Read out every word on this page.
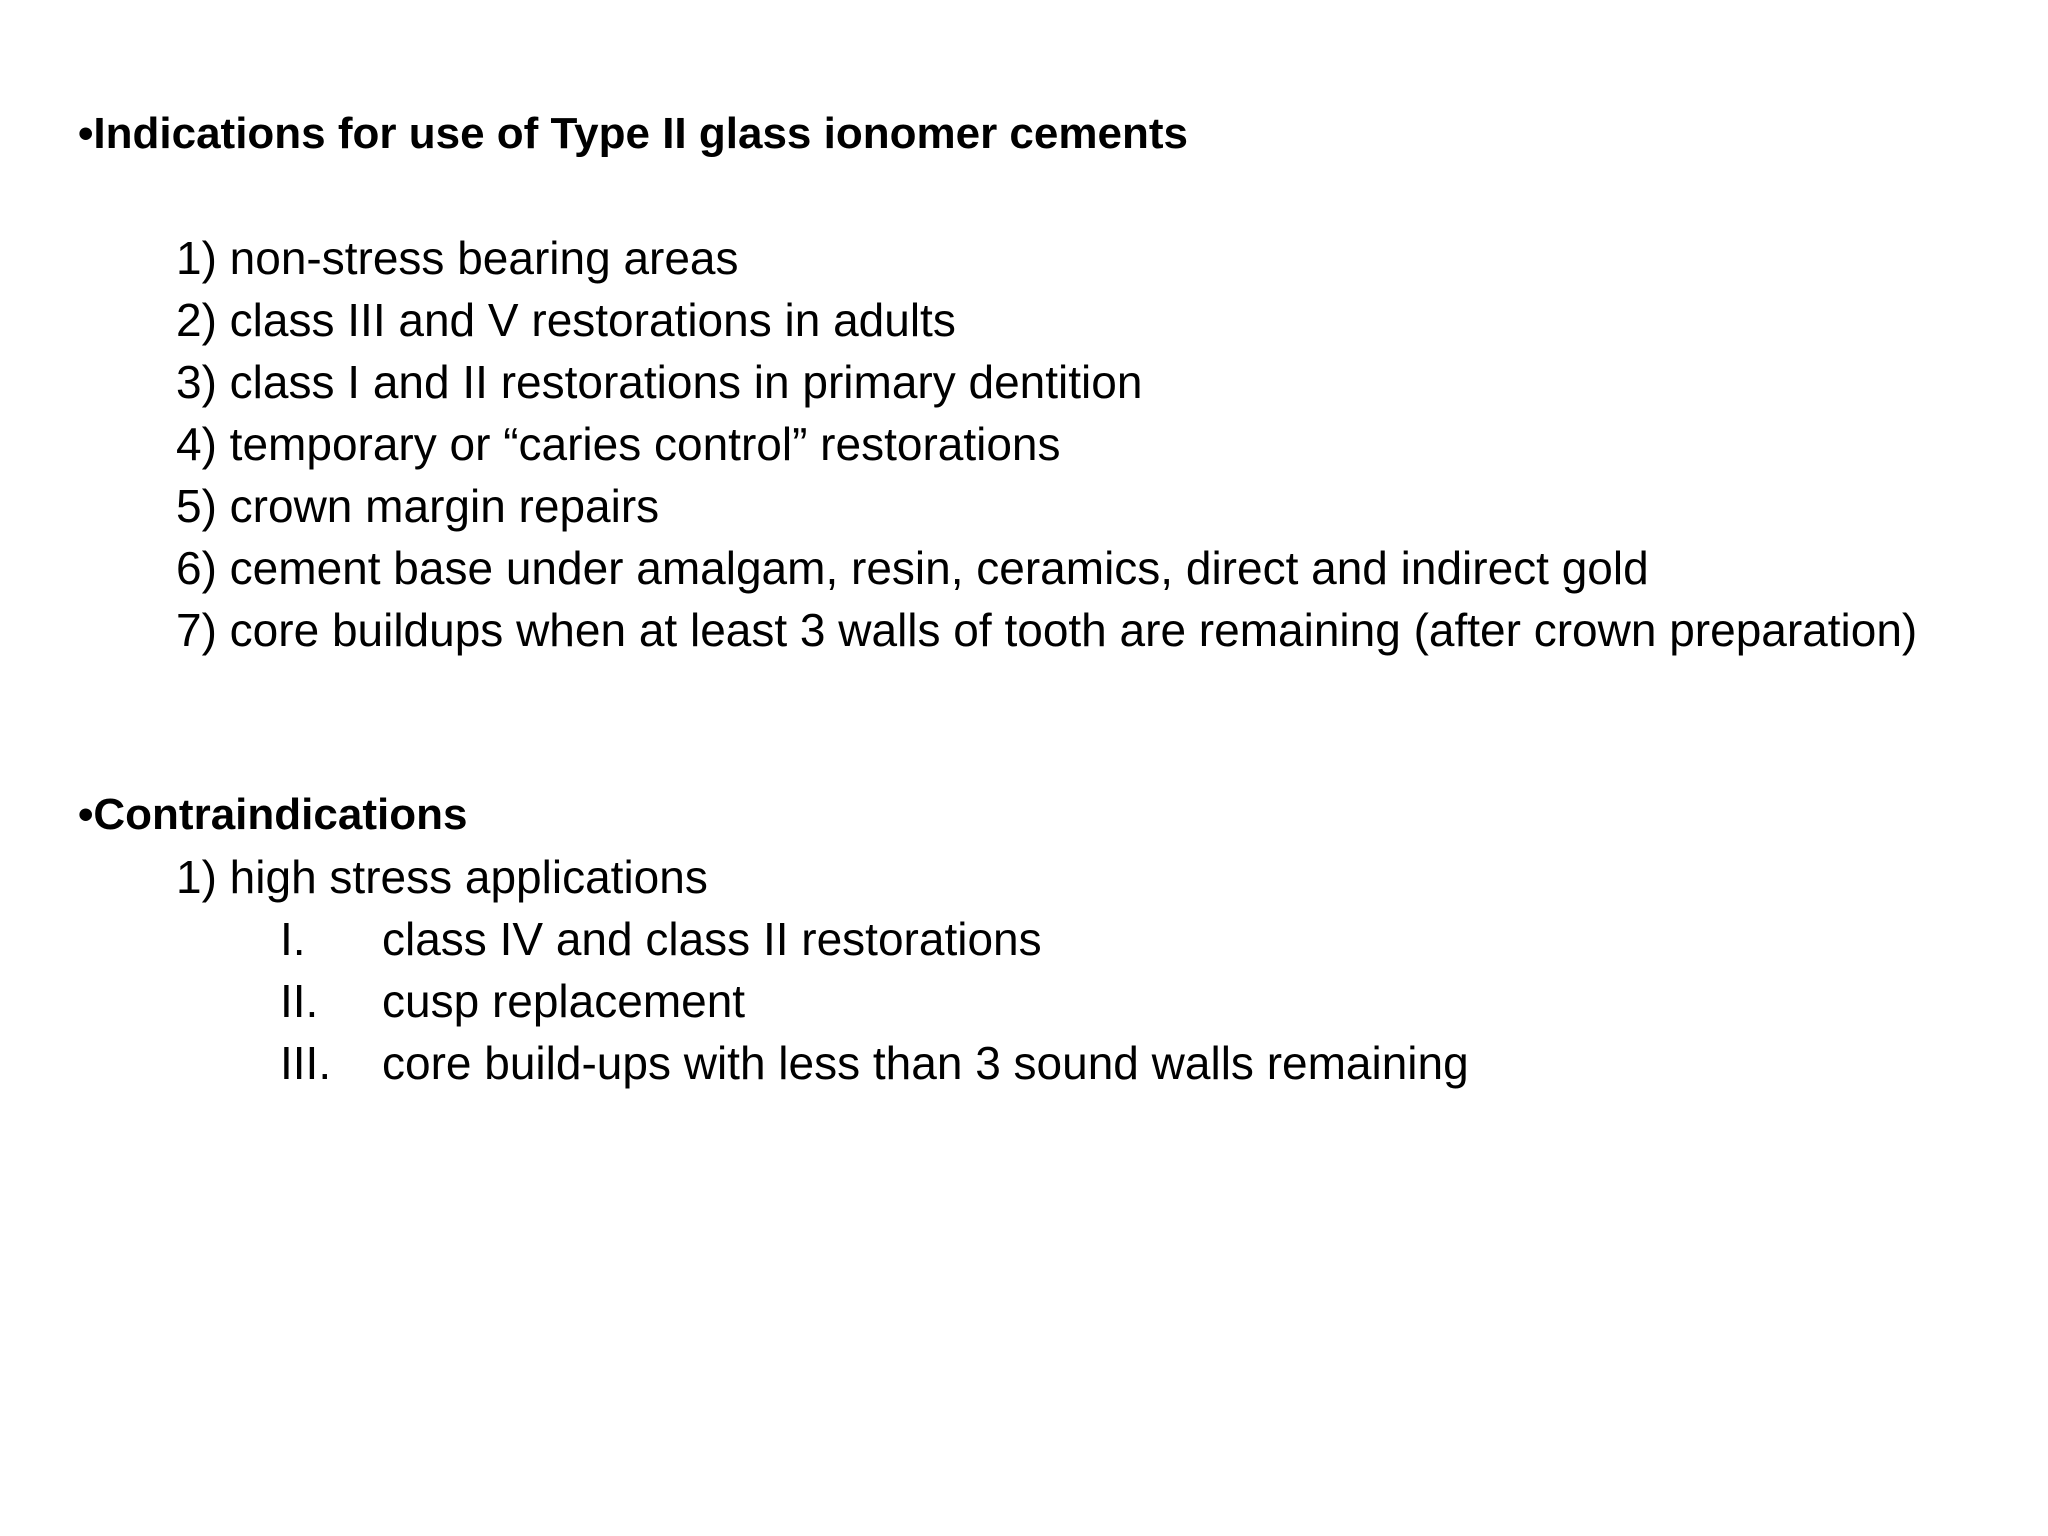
•Indications for use of Type II glass ionomer cements

1) non-stress bearing areas

2) class III and V restorations in adults

3) class I and II restorations in primary dentition

4) temporary or “caries control” restorations

5) crown margin repairs

6) cement base under amalgam, resin, ceramics, direct and indirect gold

7) core buildups when at least 3 walls of tooth are remaining (after crown preparation)

•Contraindications

1) high stress applications

I. class IV and class II restorations
II. cusp replacement
III. core build-ups with less than 3 sound walls remaining
